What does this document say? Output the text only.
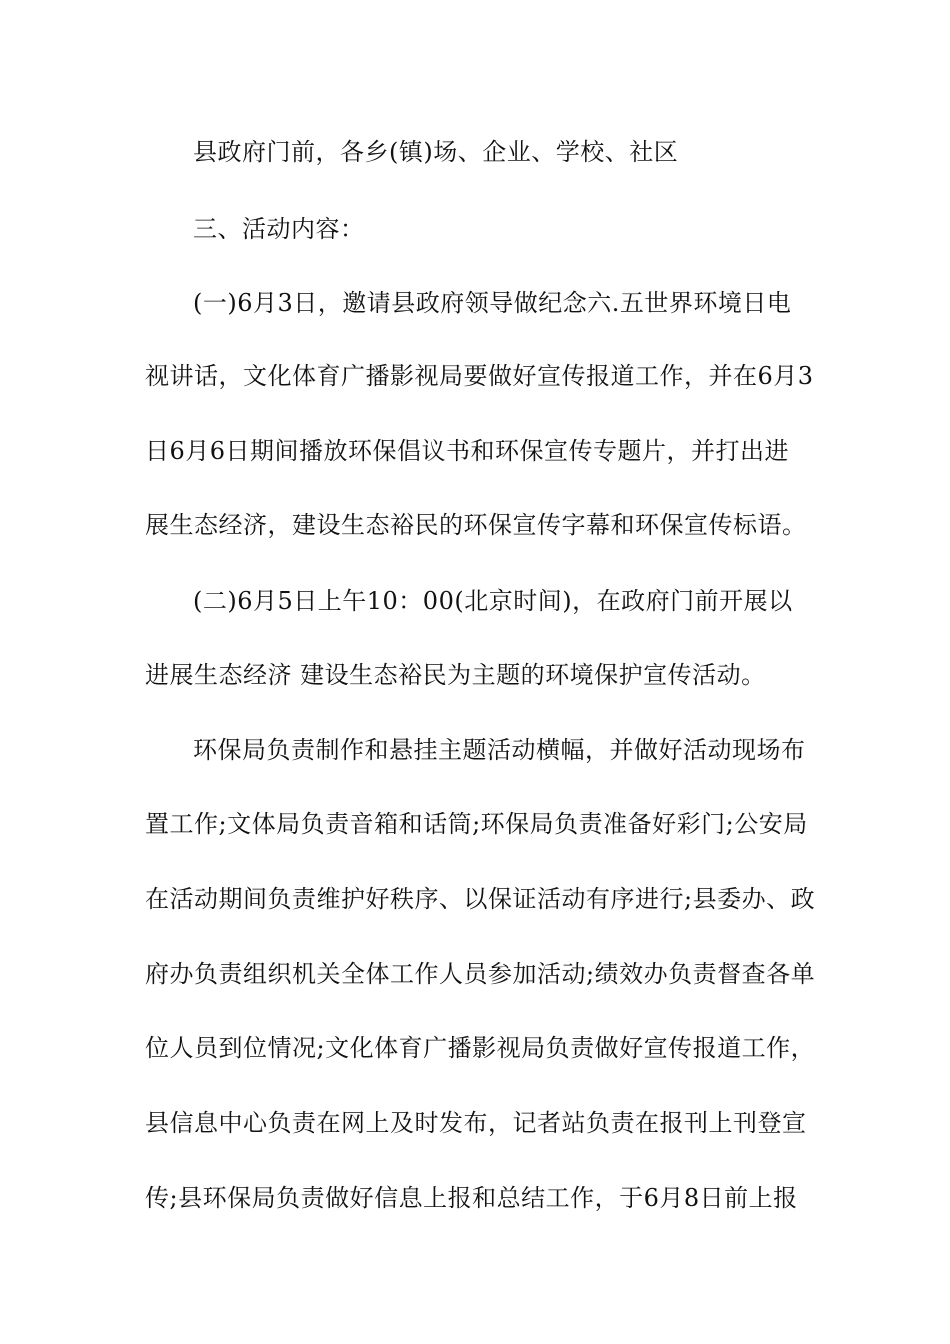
县政府门前，各乡(镇)场、企业、学校、社区
三、活动内容：
(一)6月3日，邀请县政府领导做纪念六.五世界环境日电
视讲话，文化体育广播影视局要做好宣传报道工作，并在6月3
日6月6日期间播放环保倡议书和环保宣传专题片，并打出进
展生态经济，建设生态裕民的环保宣传字幕和环保宣传标语。
(二)6月5日上午10：00(北京时间)，在政府门前开展以
进展生态经济 建设生态裕民为主题的环境保护宣传活动。
环保局负责制作和悬挂主题活动横幅，并做好活动现场布
置工作;文体局负责音箱和话筒;环保局负责准备好彩门;公安局
在活动期间负责维护好秩序、以保证活动有序进行;县委办、政
府办负责组织机关全体工作人员参加活动;绩效办负责督查各单
位人员到位情况;文化体育广播影视局负责做好宣传报道工作，
县信息中心负责在网上及时发布，记者站负责在报刊上刊登宣
传;县环保局负责做好信息上报和总结工作，于6月8日前上报
